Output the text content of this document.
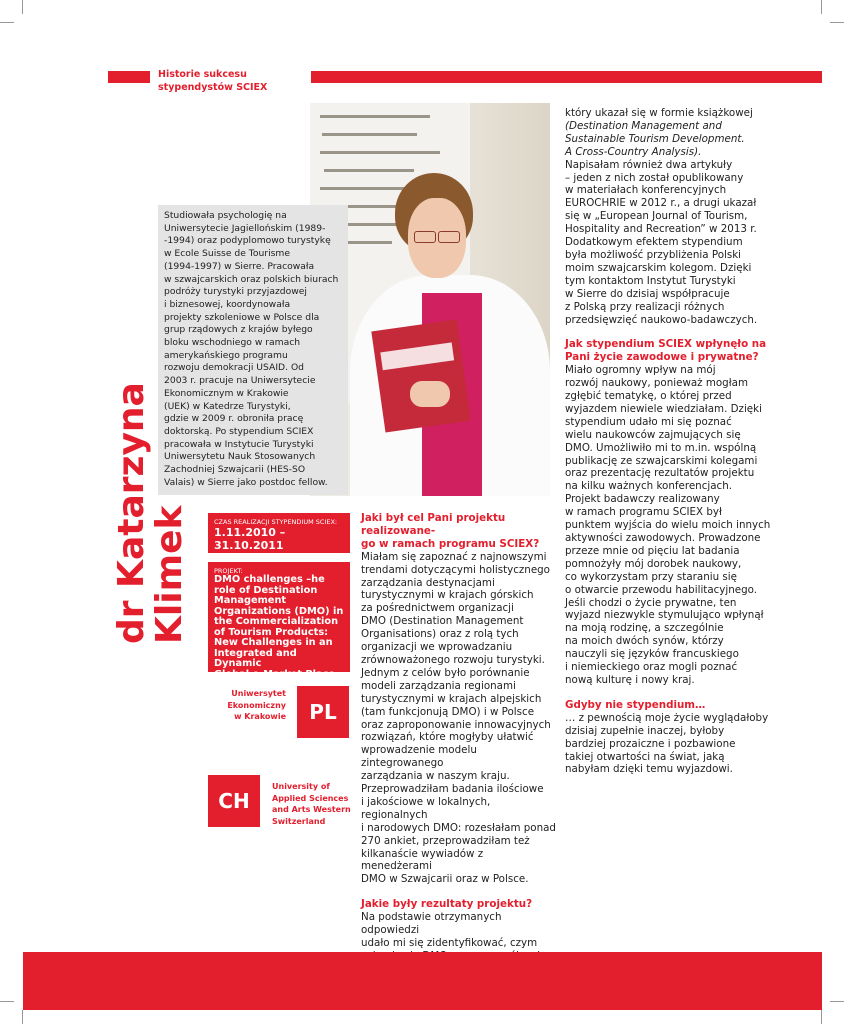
Historie sukcesu
stypendystów SCIEX
dr Katarzyna
Klimek
Studiowała psychologię na
Uniwersytecie Jagiellońskim (1989-
-1994) oraz podyplomowo turystykę
w Ecole Suisse de Tourisme
(1994-1997) w Sierre. Pracowała
w szwajcarskich oraz polskich biurach
podróży turystyki przyjazdowej
i biznesowej, koordynowała
projekty szkoleniowe w Polsce dla
grup rządowych z krajów byłego
bloku wschodniego w ramach
amerykańskiego programu
rozwoju demokracji USAID. Od
2003 r. pracuje na Uniwersytecie
Ekonomicznym w Krakowie
(UEK) w Katedrze Turystyki,
gdzie w 2009 r. obroniła pracę
doktorską. Po stypendium SCIEX
pracowała w Instytucie Turystyki
Uniwersytetu Nauk Stosowanych
Zachodniej Szwajcarii (HES-SO
Valais) w Sierre jako postdoc fellow.
CZAS REALIZACJI STYPENDIUM SCIEX:
1.11.2010 – 31.10.2011
PROJEKT:
DMO challenges –he
role of Destination
Management
Organizations (DMO) in
the Commercialization
of Tourism Products:
New Challenges in an
Integrated and Dynamic
Global e-Market Place
Uniwersytet
Ekonomiczny
w Krakowie PL
CH
University of
Applied Sciences
and Arts Western
Switzerland
Jaki był cel Pani projektu realizowane-
go w ramach programu SCIEX?
Miałam się zapoznać z najnowszymi
trendami dotyczącymi holistycznego
zarządzania destynacjami
turystycznymi w krajach górskich
za pośrednictwem organizacji
DMO (Destination Management
Organisations) oraz z rolą tych
organizacji we wprowadzaniu
zrównoważonego rozwoju turystyki.
Jednym z celów było porównanie
modeli zarządzania regionami
turystycznymi w krajach alpejskich
(tam funkcjonują DMO) i w Polsce
oraz zaproponowanie innowacyjnych
rozwiązań, które mogłyby ułatwić
wprowadzenie modelu zintegrowanego
zarządzania w naszym kraju.
Przeprowadziłam badania ilościowe
i jakościowe w lokalnych, regionalnych
i narodowych DMO: rozesłałam ponad
270 ankiet, przeprowadziłam też
kilkanaście wywiadów z menedżerami
DMO w Szwajcarii oraz w Polsce.
Jakie były rezultaty projektu?
Na podstawie otrzymanych odpowiedzi
udało mi się zidentyfikować, czym
który ukazał się w formie książkowej
(Destination Management and
Sustainable Tourism Development.
A Cross-Country Analysis).
Napisałam również dwa artykuły
– jeden z nich został opublikowany
w materiałach konferencyjnych
EUROCHRIE w 2012 r., a drugi ukazał
się w „European Journal of Tourism,
Hospitality and Recreation” w 2013 r.
Dodatkowym efektem stypendium
była możliwość przybliżenia Polski
moim szwajcarskim kolegom. Dzięki
tym kontaktom Instytut Turystyki
w Sierre do dzisiaj współpracuje
z Polską przy realizacji różnych
przedsięwzięć naukowo-badawczych.
Jak stypendium SCIEX wpłynęło na
Pani życie zawodowe i prywatne?
Miało ogromny wpływ na mój
rozwój naukowy, ponieważ mogłam
zgłębić tematykę, o której przed
wyjazdem niewiele wiedziałam. Dzięki
stypendium udało mi się poznać
wielu naukowców zajmujących się
DMO. Umożliwiło mi to m.in. wspólną
publikację ze szwajcarskimi kolegami
oraz prezentację rezultatów projektu
na kilku ważnych konferencjach.
Projekt badawczy realizowany
w ramach programu SCIEX był
punktem wyjścia do wielu moich innych
aktywności zawodowych. Prowadzone
przeze mnie od pięciu lat badania
pomnożyły mój dorobek naukowy,
co wykorzystam przy staraniu się
o otwarcie przewodu habilitacyjnego.
Jeśli chodzi o życie prywatne, ten
wyjazd niezwykle stymulująco wpłynął
na moją rodzinę, a szczególnie
na moich dwóch synów, którzy
nauczyli się języków francuskiego
i niemieckiego oraz mogli poznać
nową kulturę i nowy kraj.
Gdyby nie stypendium…
… z pewnością moje życie wyglądałoby
dzisiaj zupełnie inaczej, byłoby
bardziej prozaiczne i pozbawione
takiej otwartości na świat, jaką
nabyłam dzięki temu wyjazdowi.
